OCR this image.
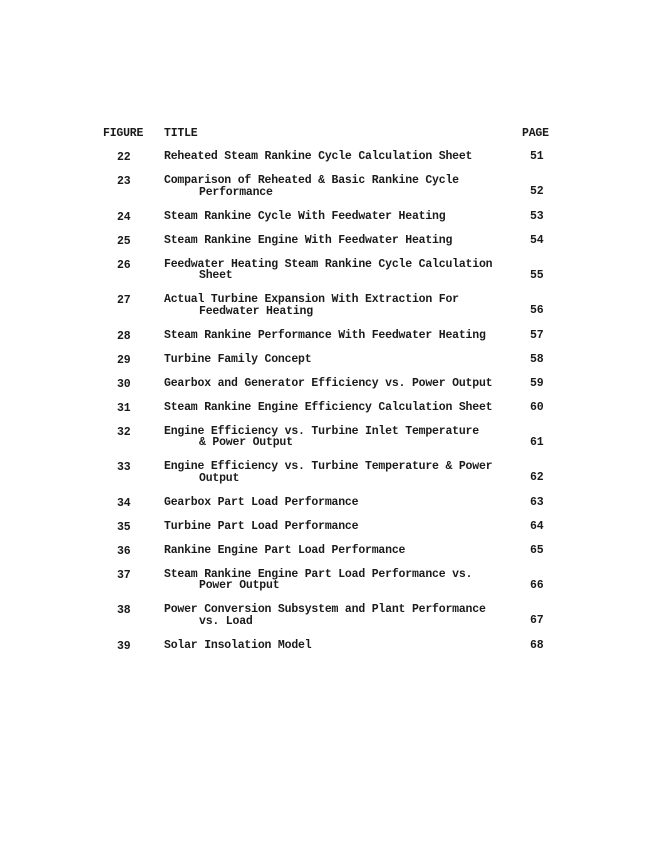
FIGURE TITLE	PAGE
22	Reheated Steam Rankine Cycle Calculation Sheet	51
23	Comparison of Reheated & Basic Rankine Cycle
Performance	52
24	Steam Rankine Cycle With Feedwater Heating	53
25	Steam Rankine Engine With Feedwater Heating	54
26	Feedwater Heating Steam Rankine Cycle Calculation
Sheet	55
27	Actual Turbine Expansion With Extraction For
Feedwater Heating	56
28	Steam Rankine Performance With Feedwater Heating	57
29	Turbine Family Concept	58
30	Gearbox and Generator Efficiency vs. Power Output	59
31	Steam Rankine Engine Efficiency Calculation Sheet	60
32	Engine Efficiency vs. Turbine Inlet Temperature
& Power Output	61
33	Engine Efficiency vs. Turbine Temperature & Power
Output	62
34	Gearbox Part Load Performance	63
35	Turbine Part Load Performance	64
36	Rankine Engine Part Load Performance	65
37	Steam Rankine Engine Part Load Performance vs.
Power Output	66
38	Power Conversion Subsystem and Plant Performance
vs. Load	67
39	Solar Insolation Model	68
